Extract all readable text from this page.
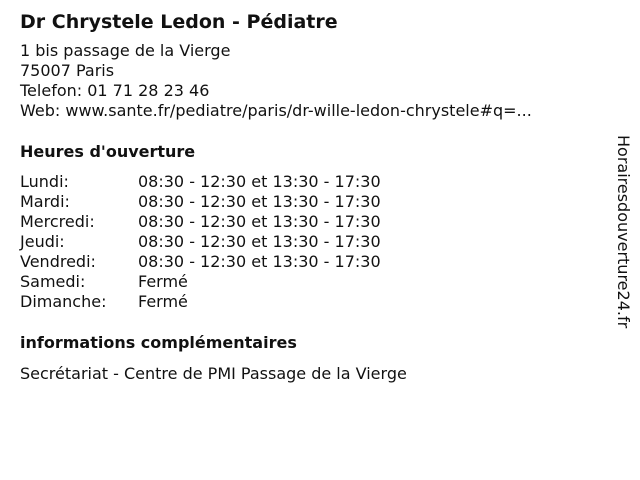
Dr Chrystele Ledon - Pédiatre
1 bis passage de la Vierge
75007 Paris
Telefon: 01 71 28 23 46
Web: www.sante.fr/pediatre/paris/dr-wille-ledon-chrystele#q=...
Heures d'ouverture
Lundi:	08:30 - 12:30 et 13:30 - 17:30
Mardi:	08:30 - 12:30 et 13:30 - 17:30
Mercredi:	08:30 - 12:30 et 13:30 - 17:30
Jeudi:	08:30 - 12:30 et 13:30 - 17:30
Vendredi:	08:30 - 12:30 et 13:30 - 17:30
Samedi:	Fermé
Dimanche:	Fermé
informations complémentaires
Secrétariat - Centre de PMI Passage de la Vierge
Horairesdouverture24.fr
